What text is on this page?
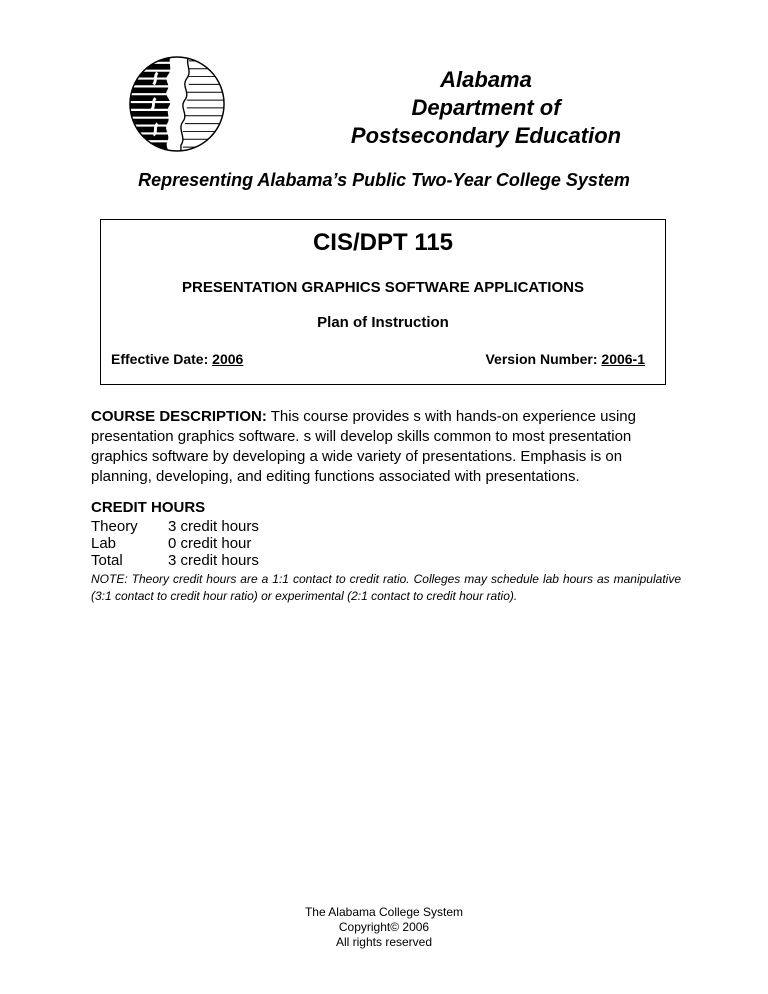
Alabama
Department of
Postsecondary Education
Representing Alabama’s Public Two-Year College System
CIS/DPT 115
PRESENTATION GRAPHICS SOFTWARE APPLICATIONS
Plan of Instruction
Effective Date: 2006	Version Number: 2006-1
COURSE DESCRIPTION: This course provides s with hands-on experience using presentation graphics software. s will develop skills common to most presentation graphics software by developing a wide variety of presentations. Emphasis is on planning, developing, and editing functions associated with presentations.
CREDIT HOURS
Theory 3 credit hours
Lab	0 credit hour
Total	3 credit hours
NOTE: Theory credit hours are a 1:1 contact to credit ratio. Colleges may schedule lab hours as manipulative (3:1 contact to credit hour ratio) or experimental (2:1 contact to credit hour ratio).
The Alabama College System
Copyright© 2006
All rights reserved
